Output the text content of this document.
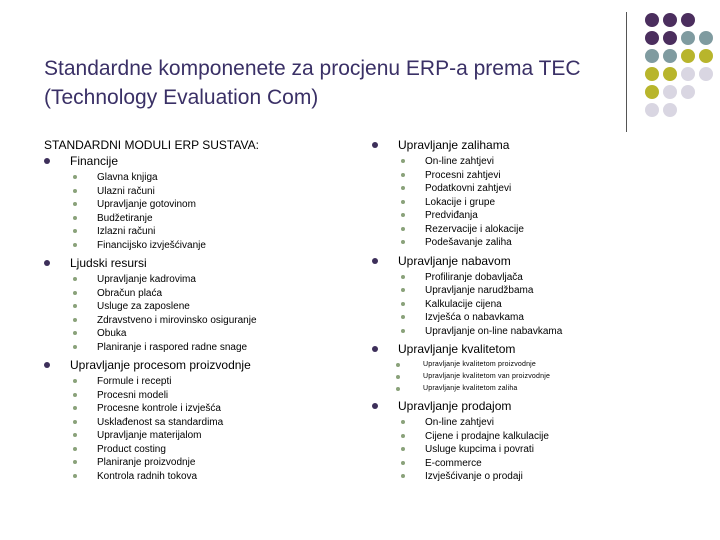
Standardne komponenete za procjenu ERP-a prema TEC (Technology Evaluation Com)
STANDARDNI MODULI ERP SUSTAVA:
Financije
Glavna knjiga
Ulazni računi
Upravljanje gotovinom
Budžetiranje
Izlazni računi
Financijsko izvješćivanje
Ljudski resursi
Upravljanje kadrovima
Obračun plaća
Usluge za zaposlene
Zdravstveno i mirovinsko osiguranje
Obuka
Planiranje i raspored radne snage
Upravljanje procesom proizvodnje
Formule i recepti
Procesni modeli
Procesne kontrole i izvješća
Usklađenost sa standardima
Upravljanje materijalom
Product costing
Planiranje proizvodnje
Kontrola radnih tokova
Upravljanje zalihama
On-line zahtjevi
Procesni zahtjevi
Podatkovni zahtjevi
Lokacije i grupe
Predviđanja
Rezervacije i alokacije
Podešavanje zaliha
Upravljanje nabavom
Profiliranje dobavljača
Upravljanje narudžbama
Kalkulacije cijena
Izvješća o nabavkama
Upravljanje on-line nabavkama
Upravljanje kvalitetom
Upravljanje kvalitetom proizvodnje
Upravljanje kvalitetom van proizvodnje
Upravljanje kvalitetom zaliha
Upravljanje prodajom
On-line zahtjevi
Cijene i prodajne kalkulacije
Usluge kupcima i povrati
E-commerce
Izvješćivanje o prodaji
